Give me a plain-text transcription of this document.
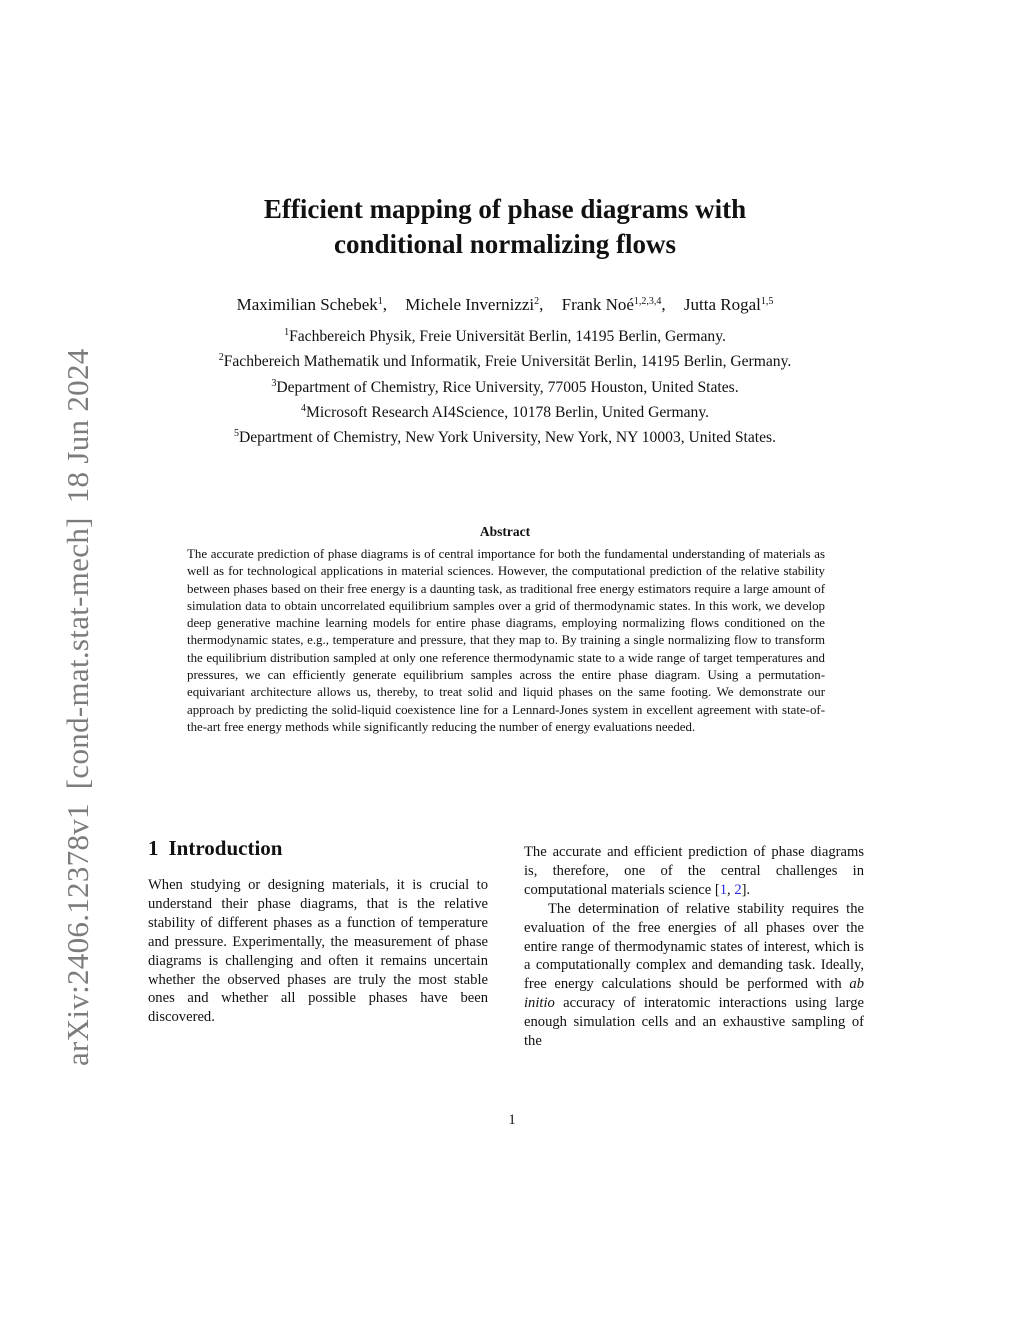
arXiv:2406.12378v1[cond-mat.stat-mech]18 Jun 2024
Efficient mapping of phase diagrams with
conditional normalizing flows
Maximilian Schebek$^1$, Michele Invernizzi$^2$, Frank Noé$^{1,2,3,4}$, Jutta Rogal$^{1,5}$
$^1$Fachbereich Physik, Freie Universität Berlin, 14195 Berlin, Germany.
$^2$Fachbereich Mathematik und Informatik, Freie Universität Berlin, 14195 Berlin, Germany.
$^3$Department of Chemistry, Rice University, 77005 Houston, United States.
$^4$Microsoft Research AI4Science, 10178 Berlin, United Germany.
$^5$Department of Chemistry, New York University, New York, NY 10003, United States.
Abstract
The accurate prediction of phase diagrams is of central importance for both the fundamental understanding of materials as well as for technological applications in material sciences. However, the computational prediction of the relative stability between phases based on their free energy is a daunting task, as traditional free energy estimators require a large amount of simulation data to obtain uncorrelated equilibrium samples over a grid of thermodynamic states. In this work, we develop deep generative machine learning models for entire phase diagrams, employing normalizing flows conditioned on the thermodynamic states, e.g., temperature and pressure, that they map to. By training a single normalizing flow to transform the equilibrium distribution sampled at only one reference thermodynamic state to a wide range of target temperatures and pressures, we can efficiently generate equilibrium samples across the entire phase diagram. Using a permutation-equivariant architecture allows us, thereby, to treat solid and liquid phases on the same footing. We demonstrate our approach by predicting the solid-liquid coexistence line for a Lennard-Jones system in excellent agreement with state-of-the-art free energy methods while significantly reducing the number of energy evaluations needed.
1 Introduction

When studying or designing materials, it is crucial to understand their phase diagrams, that is the relative stability of different phases as a function of temperature and pressure. Experimentally, the measurement of phase diagrams is challenging and often it remains uncertain whether the observed phases are truly the most stable ones and whether all possible phases have been discovered.

The accurate and efficient prediction of phase diagrams is, therefore, one of the central challenges in computational materials science [1, 2].

The determination of relative stability requires the evaluation of the free energies of all phases over the entire range of thermodynamic states of interest, which is a computationally complex and demanding task. Ideally, free energy calculations should be performed with ab initio accuracy of interatomic interactions using large enough simulation cells and an exhaustive sampling of the

1
